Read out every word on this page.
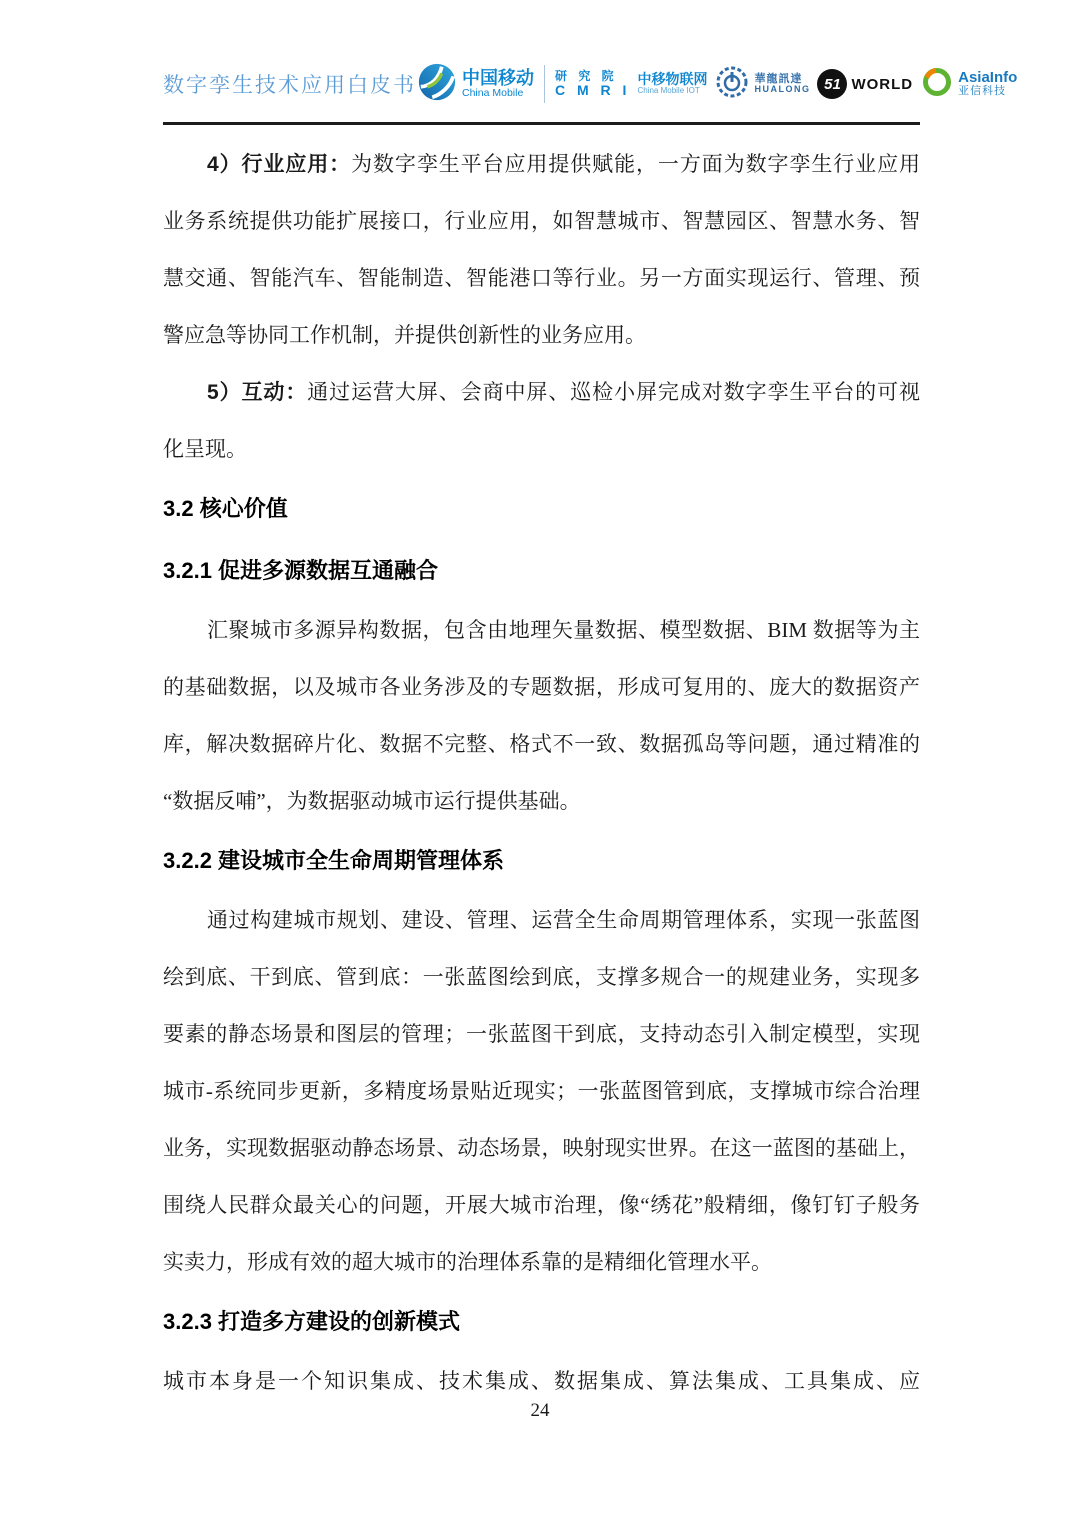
数字孪生技术应用白皮书	中国移动
China Mobile
研 究 院
C M R I
中移物联网
China Mobile IOT
華龍訊達
HUALONG 51 WORLD	AsiaInfo
亚信科技
4）行业应用：为数字孪生平台应用提供赋能，一方面为数字孪生行业应用
业务系统提供功能扩展接口，行业应用，如智慧城市、智慧园区、智慧水务、智
慧交通、智能汽车、智能制造、智能港口等行业。另一方面实现运行、管理、预
警应急等协同工作机制，并提供创新性的业务应用。
5）互动：通过运营大屏、会商中屏、巡检小屏完成对数字孪生平台的可视
化呈现。
3.2 核心价值
3.2.1 促进多源数据互通融合
汇聚城市多源异构数据，包含由地理矢量数据、模型数据、BIM 数据等为主
的基础数据，以及城市各业务涉及的专题数据，形成可复用的、庞大的数据资产
库，解决数据碎片化、数据不完整、格式不一致、数据孤岛等问题，通过精准的
“数据反哺”，为数据驱动城市运行提供基础。
3.2.2 建设城市全生命周期管理体系
通过构建城市规划、建设、管理、运营全生命周期管理体系，实现一张蓝图
绘到底、干到底、管到底：一张蓝图绘到底，支撑多规合一的规建业务，实现多
要素的静态场景和图层的管理；一张蓝图干到底，支持动态引入制定模型，实现
城市-系统同步更新，多精度场景贴近现实；一张蓝图管到底，支撑城市综合治理
业务，实现数据驱动静态场景、动态场景，映射现实世界。在这一蓝图的基础上，
围绕人民群众最关心的问题，开展大城市治理，像“绣花”般精细，像钉钉子般务
实卖力，形成有效的超大城市的治理体系靠的是精细化管理水平。
3.2.3 打造多方建设的创新模式
城市本身是一个知识集成、技术集成、数据集成、算法集成、工具集成、应
24
